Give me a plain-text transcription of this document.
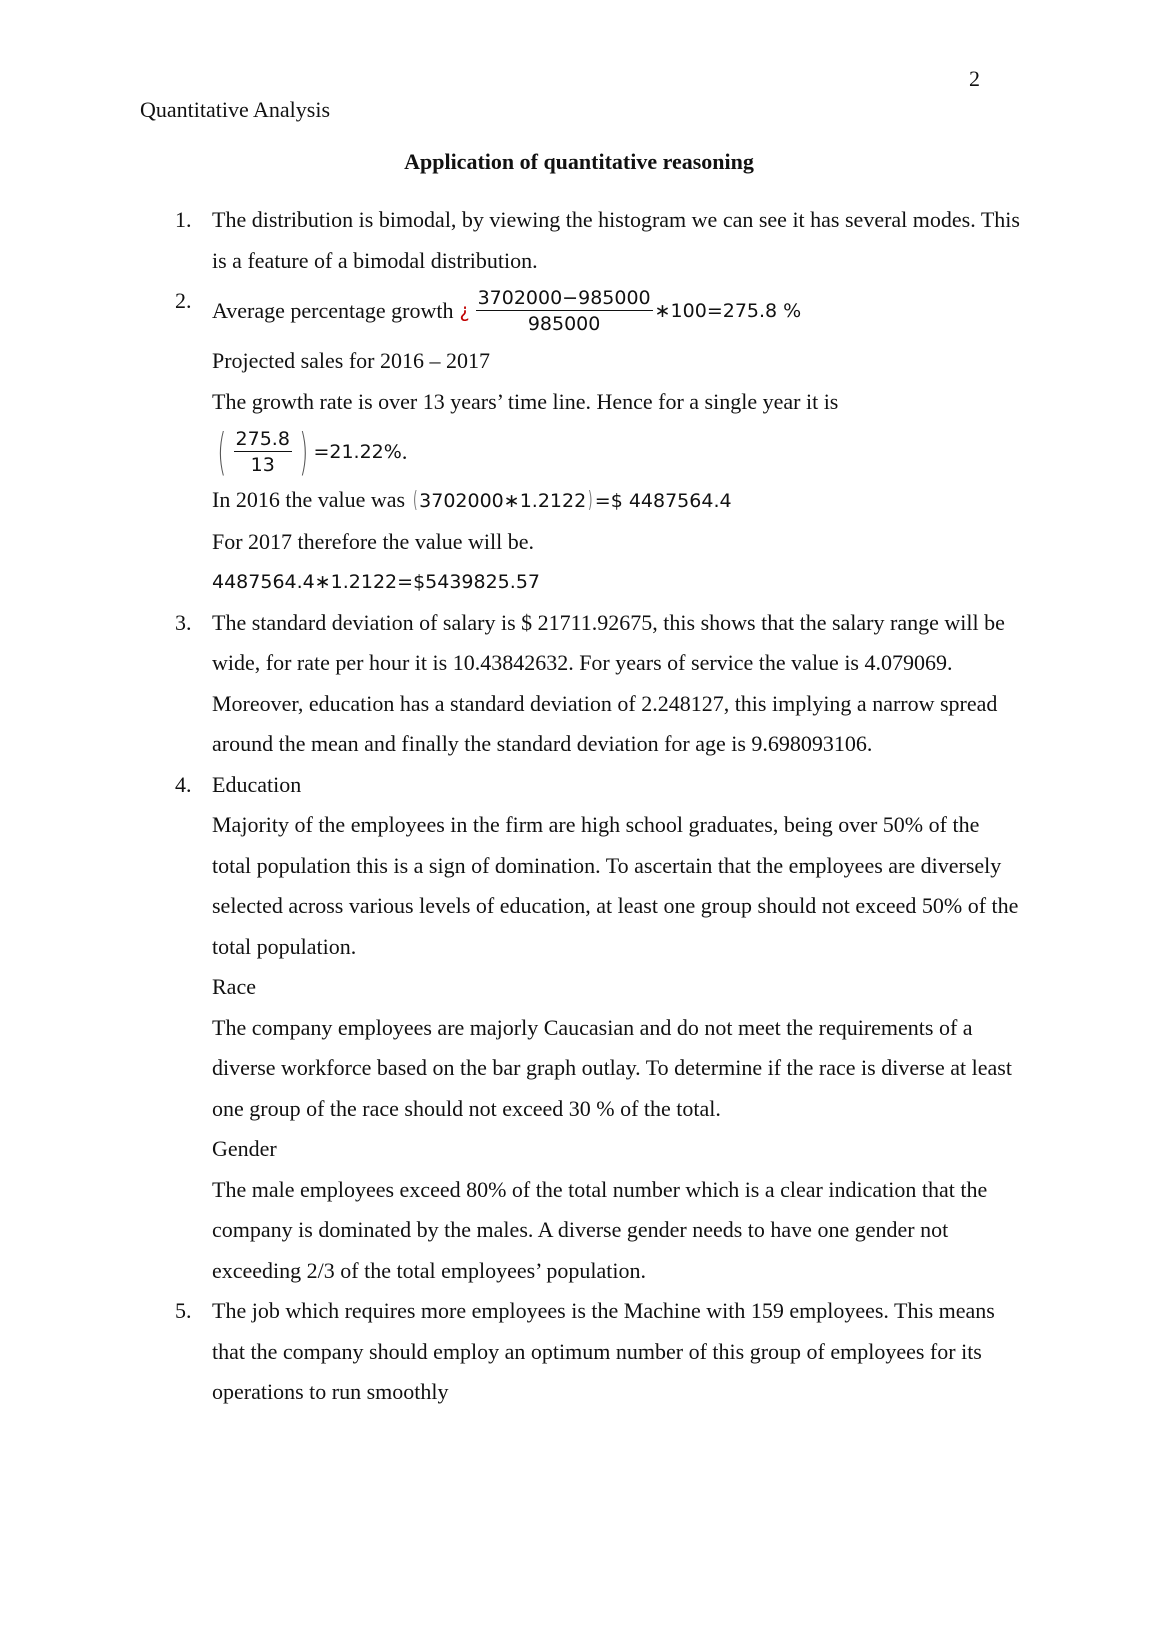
2
Quantitative Analysis
Application of quantitative reasoning
1. The distribution is bimodal, by viewing the histogram we can see it has several modes. This is a feature of a bimodal distribution.

2. Average percentage growth ¿ $\frac{3702000-985000}{985000}$ ∗100=275.8 %
Projected sales for 2016 – 2017
The growth rate is over 13 years’ time line. Hence for a single year it is
( $\frac{275.8}{13}$ ) =21.22% .
In 2016 the value was ( 3702000∗1.2122) =$ 4487564.4
For 2017 therefore the value will be.
4487564.4∗1.2122=$5439825.57
3. The standard deviation of salary is $ 21711.92675, this shows that the salary range will be wide, for rate per hour it is 10.43842632. For years of service the value is 4.079069. Moreover, education has a standard deviation of 2.248127, this implying a narrow spread around the mean and finally the standard deviation for age is 9.698093106.

4. Education

Majority of the employees in the firm are high school graduates, being over 50% of the total population this is a sign of domination. To ascertain that the employees are diversely selected across various levels of education, at least one group should not exceed 50% of the total population.

Race

The company employees are majorly Caucasian and do not meet the requirements of a diverse workforce based on the bar graph outlay. To determine if the race is diverse at least one group of the race should not exceed 30 % of the total.

Gender

The male employees exceed 80% of the total number which is a clear indication that the company is dominated by the males. A diverse gender needs to have one gender not exceeding 2/3 of the total employees’ population.

5. The job which requires more employees is the Machine with 159 employees. This means that the company should employ an optimum number of this group of employees for its operations to run smoothly
